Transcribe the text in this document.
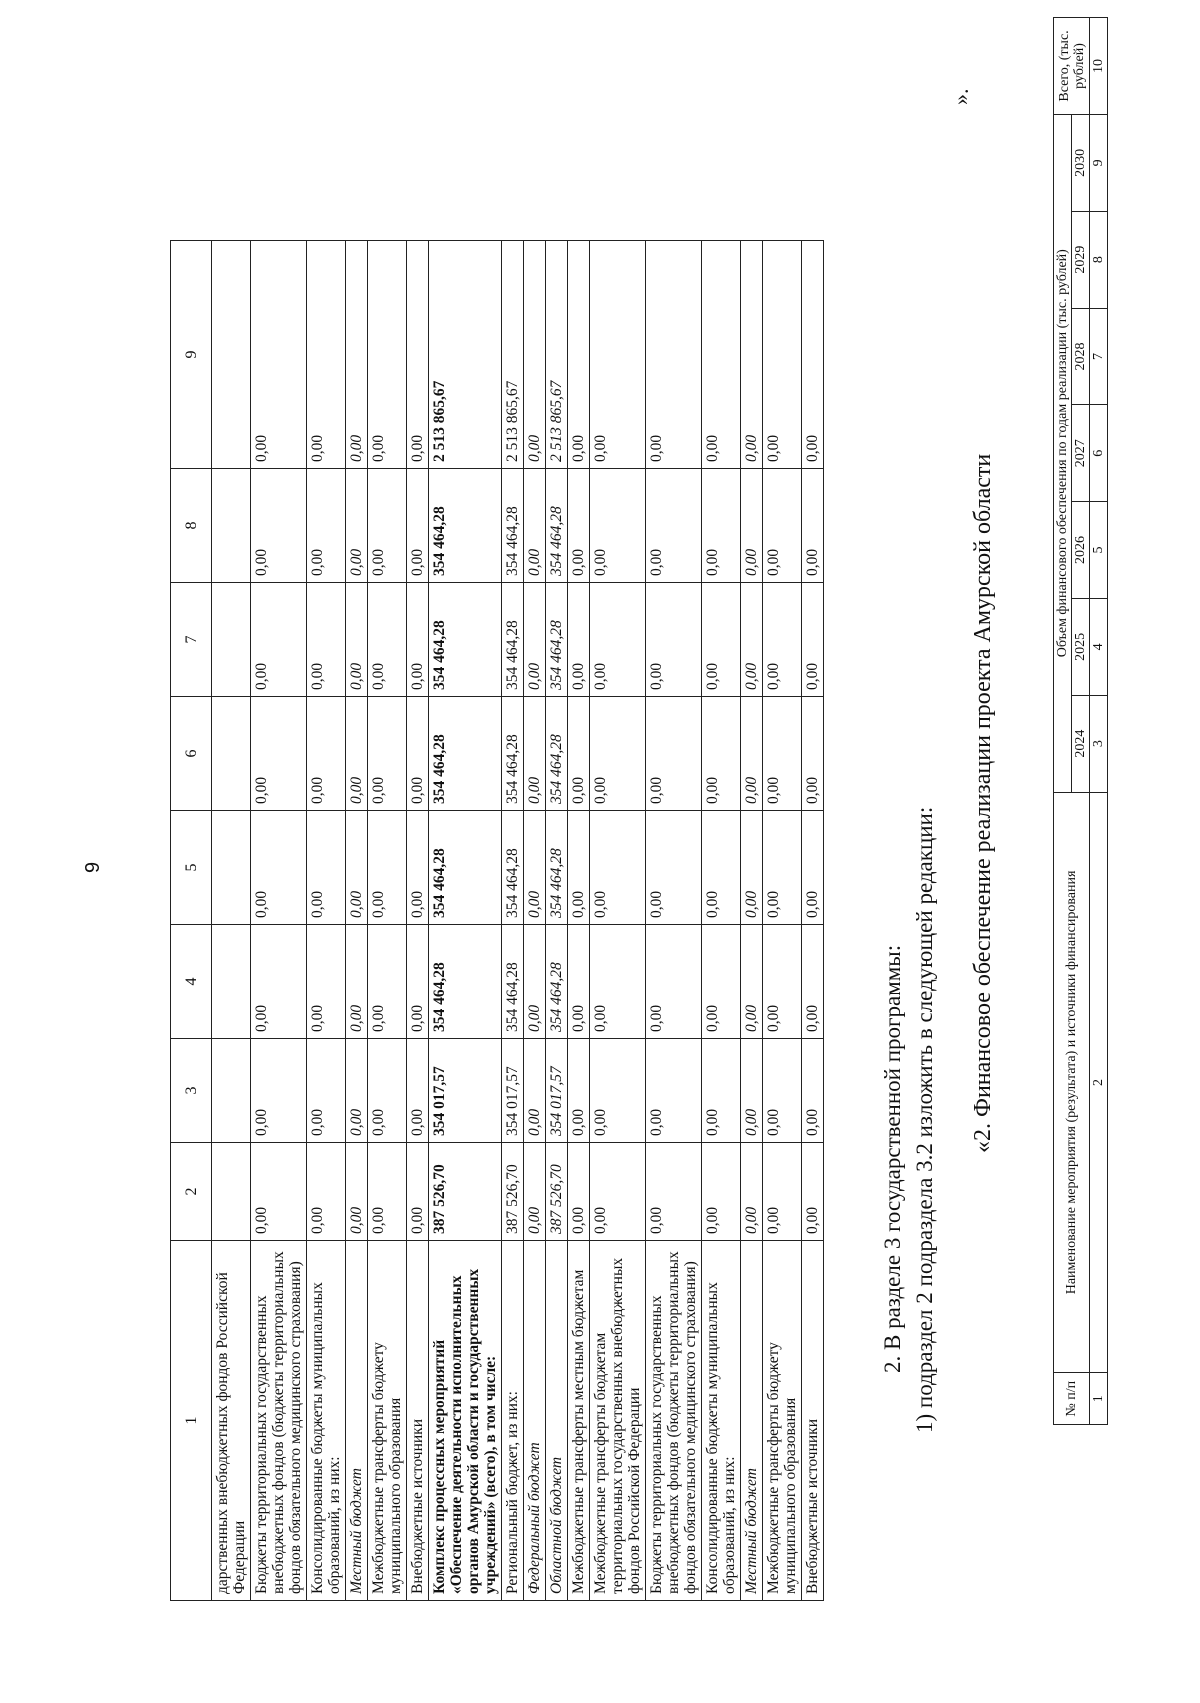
9
1	2	3	4	5	6	7	8	9
дарственных внебюджетных фондов Российской Федерации								
Бюджеты территориальных государственных внебюджетных фондов (бюджеты территориальных фондов обязательного медицинского страхования)	0,00	0,00	0,00	0,00	0,00	0,00	0,00	0,00
Консолидированные бюджеты муниципальных образований, из них:	0,00	0,00	0,00	0,00	0,00	0,00	0,00	0,00
Местный бюджет	0,00	0,00	0,00	0,00	0,00	0,00	0,00	0,00
Межбюджетные трансферты бюджету муниципального образования	0,00	0,00	0,00	0,00	0,00	0,00	0,00	0,00
Внебюджетные источники	0,00	0,00	0,00	0,00	0,00	0,00	0,00	0,00
Комплекс процессных мероприятий «Обеспечение деятельности исполнительных органов Амурской области и государственных учреждений» (всего), в том числе:	387 526,70	354 017,57	354 464,28	354 464,28	354 464,28	354 464,28	354 464,28	2 513 865,67
Региональный бюджет, из них:	387 526,70	354 017,57	354 464,28	354 464,28	354 464,28	354 464,28	354 464,28	2 513 865,67
Федеральный бюджет	0,00	0,00	0,00	0,00	0,00	0,00	0,00	0,00
Областной бюджет	387 526,70	354 017,57	354 464,28	354 464,28	354 464,28	354 464,28	354 464,28	2 513 865,67
Межбюджетные трансферты местным бюджетам	0,00	0,00	0,00	0,00	0,00	0,00	0,00	0,00
Межбюджетные трансферты бюджетам территориальных государственных внебюджетных фондов Российской Федерации	0,00	0,00	0,00	0,00	0,00	0,00	0,00	0,00
Бюджеты территориальных государственных внебюджетных фондов (бюджеты территориальных фондов обязательного медицинского страхования)	0,00	0,00	0,00	0,00	0,00	0,00	0,00	0,00
Консолидированные бюджеты муниципальных образований, из них:	0,00	0,00	0,00	0,00	0,00	0,00	0,00	0,00
Местный бюджет	0,00	0,00	0,00	0,00	0,00	0,00	0,00	0,00
Межбюджетные трансферты бюджету муниципального образования	0,00	0,00	0,00	0,00	0,00	0,00	0,00	0,00
Внебюджетные источники	0,00	0,00	0,00	0,00	0,00	0,00	0,00	0,00
2. В разделе 3 государственной программы: 1) подраздел 2 подраздела 3.2 изложить в следующей редакции: «2. Финансовое обеспечение реализации проекта Амурской области
».
№ п/п	Наименование мероприятия (результата) и источники финансирования	Объем финансового обеспечения по годам реализации (тыс. рублей)							Всего, (тыс. рублей)
		2024	2025	2026	2027	2028	2029	2030	
1	2	3	4	5	6	7	8	9	10
